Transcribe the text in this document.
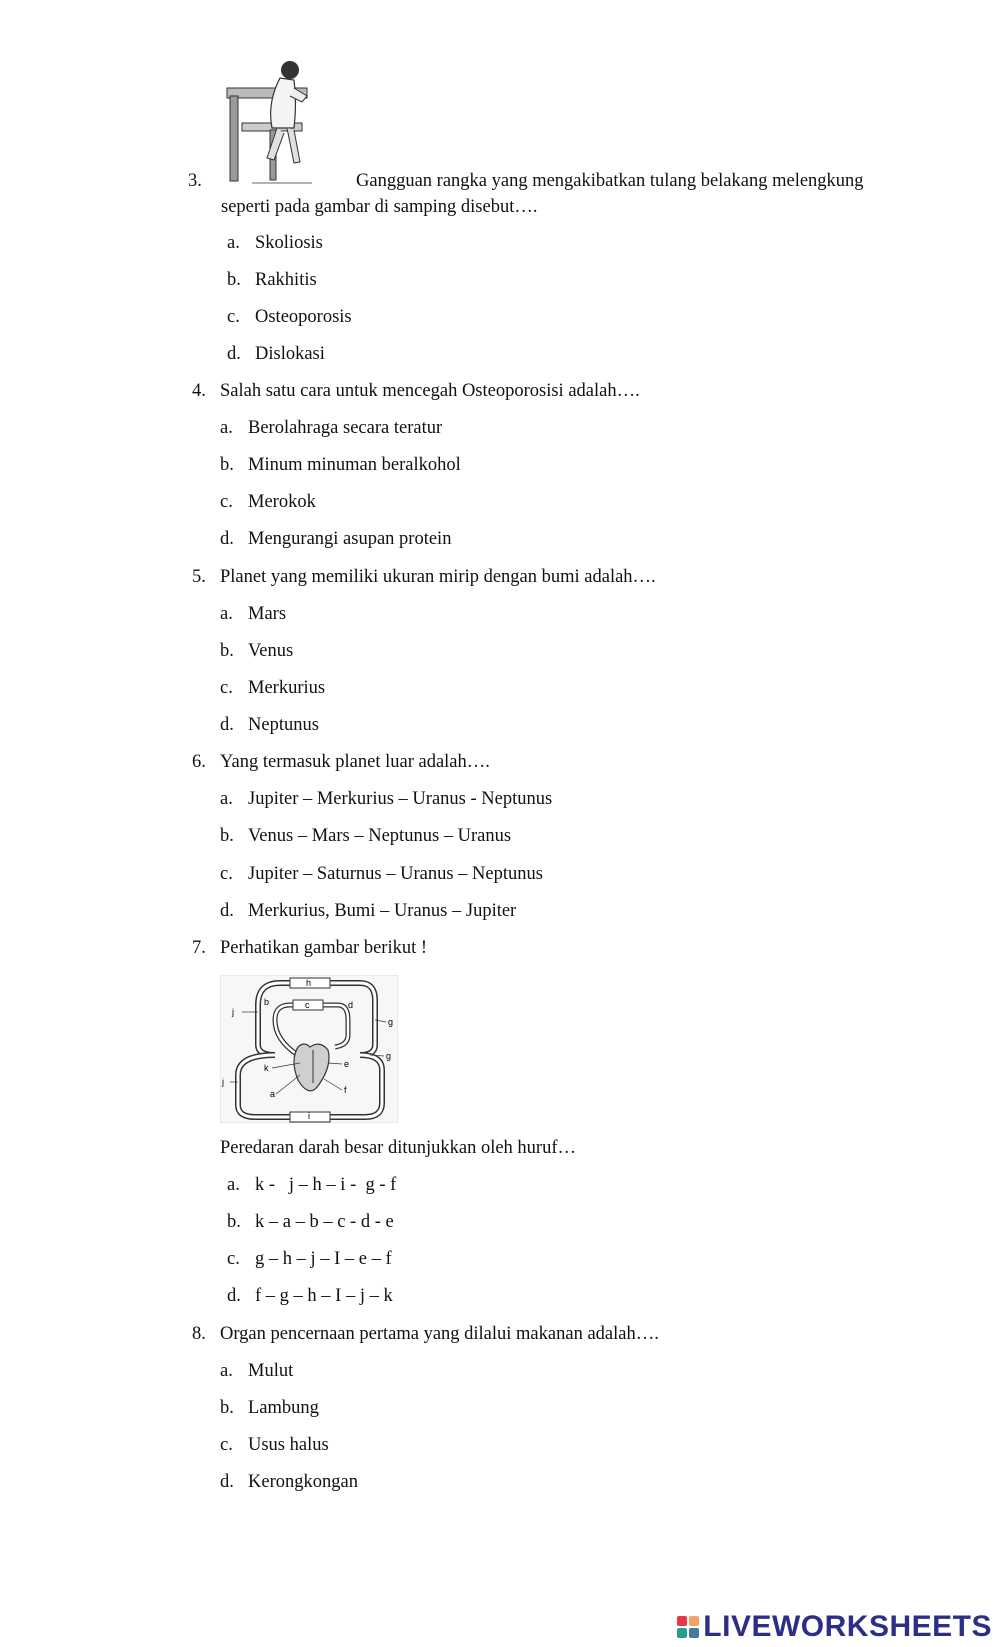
3.	Gangguan rangka yang mengakibatkan tulang belakang melengkung
seperti pada gambar di samping disebut….
a. Skoliosis
b. Rakhitis
c. Osteoporosis
d. Dislokasi
4. Salah satu cara untuk mencegah Osteoporosisi adalah….
a. Berolahraga secara teratur
b. Minum minuman beralkohol
c. Merokok
d. Mengurangi asupan protein
5. Planet yang memiliki ukuran mirip dengan bumi adalah….
a. Mars
b. Venus
c. Merkurius
d. Neptunus
6. Yang termasuk planet luar adalah….
a. Jupiter – Merkurius – Uranus - Neptunus
b. Venus – Mars – Neptunus – Uranus
c. Jupiter – Saturnus – Uranus – Neptunus
d. Merkurius, Bumi – Uranus – Jupiter
7. Perhatikan gambar berikut !
h
c
b	d
j
j
g
g
k	e
f
a
i
Peredaran darah besar ditunjukkan oleh huruf…
a. k -   j – h – i -  g - f
b. k – a – b – c - d - e
c. g – h – j – I – e – f
d. f – g – h – I – j – k
8. Organ pencernaan pertama yang dilalui makanan adalah….
a. Mulut
b. Lambung
c. Usus halus
d. Kerongkongan
LIVEWORKSHEETS
